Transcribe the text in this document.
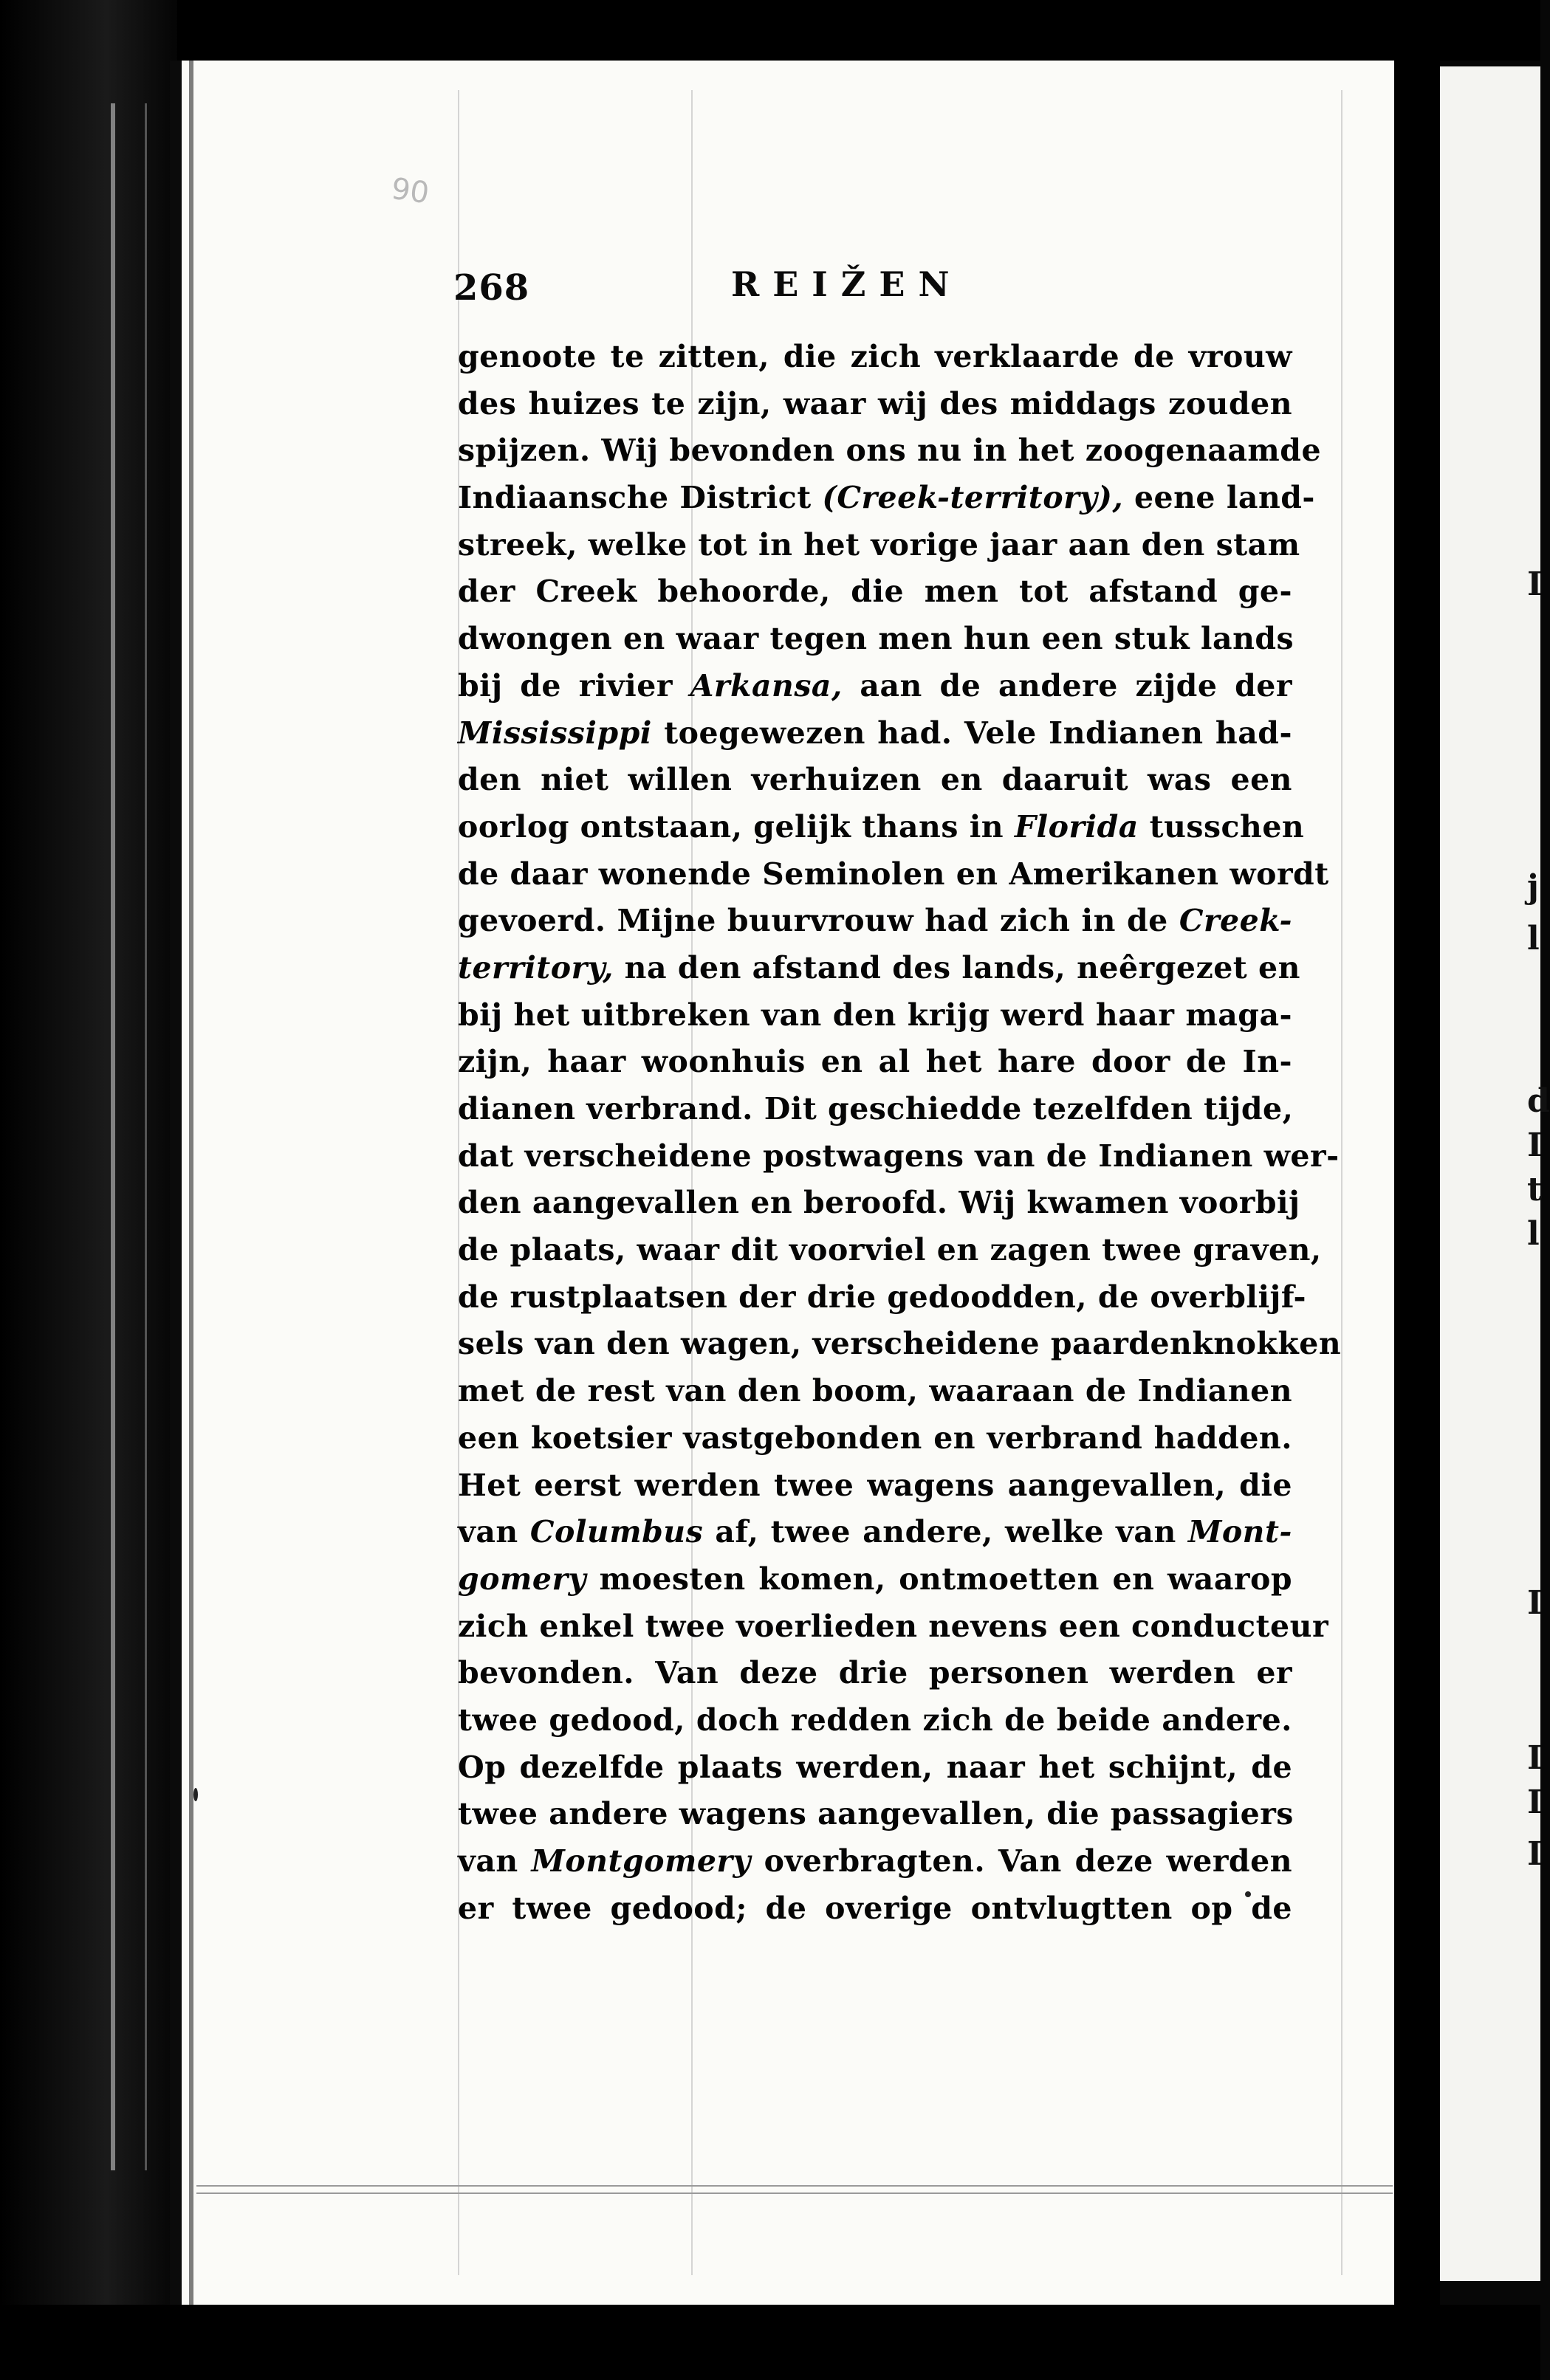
I
j
l
d
I
t
l
I
I
I
I
268	REIŽEN
90
genoote te zitten, die zich verklaarde de vrouw
des huizes te zijn, waar wij des middags zouden
spijzen. Wij bevonden ons nu in het zoogenaamde
Indiaansche District (Creek-territory), eene land-
streek, welke tot in het vorige jaar aan den stam
der Creek behoorde, die men tot afstand ge-
dwongen en waar tegen men hun een stuk lands
bij de rivier Arkansa, aan de andere zijde der
Mississippi toegewezen had. Vele Indianen had-
den niet willen verhuizen en daaruit was een
oorlog ontstaan, gelijk thans in Florida tusschen
de daar wonende Seminolen en Amerikanen wordt
gevoerd. Mijne buurvrouw had zich in de Creek-
territory, na den afstand des lands, neêrgezet en
bij het uitbreken van den krijg werd haar maga-
zijn, haar woonhuis en al het hare door de In-
dianen verbrand. Dit geschiedde tezelfden tijde,
dat verscheidene postwagens van de Indianen wer-
den aangevallen en beroofd. Wij kwamen voorbij
de plaats, waar dit voorviel en zagen twee graven,
de rustplaatsen der drie gedoodden, de overblijf-
sels van den wagen, verscheidene paardenknokken
met de rest van den boom, waaraan de Indianen
een koetsier vastgebonden en verbrand hadden.
Het eerst werden twee wagens aangevallen, die
van Columbus af, twee andere, welke van Mont-
gomery moesten komen, ontmoetten en waarop
zich enkel twee voerlieden nevens een conducteur
bevonden. Van deze drie personen werden er
twee gedood, doch redden zich de beide andere.
Op dezelfde plaats werden, naar het schijnt, de
twee andere wagens aangevallen, die passagiers
van Montgomery overbragten. Van deze werden
er twee gedood; de overige ontvlugtten op de
